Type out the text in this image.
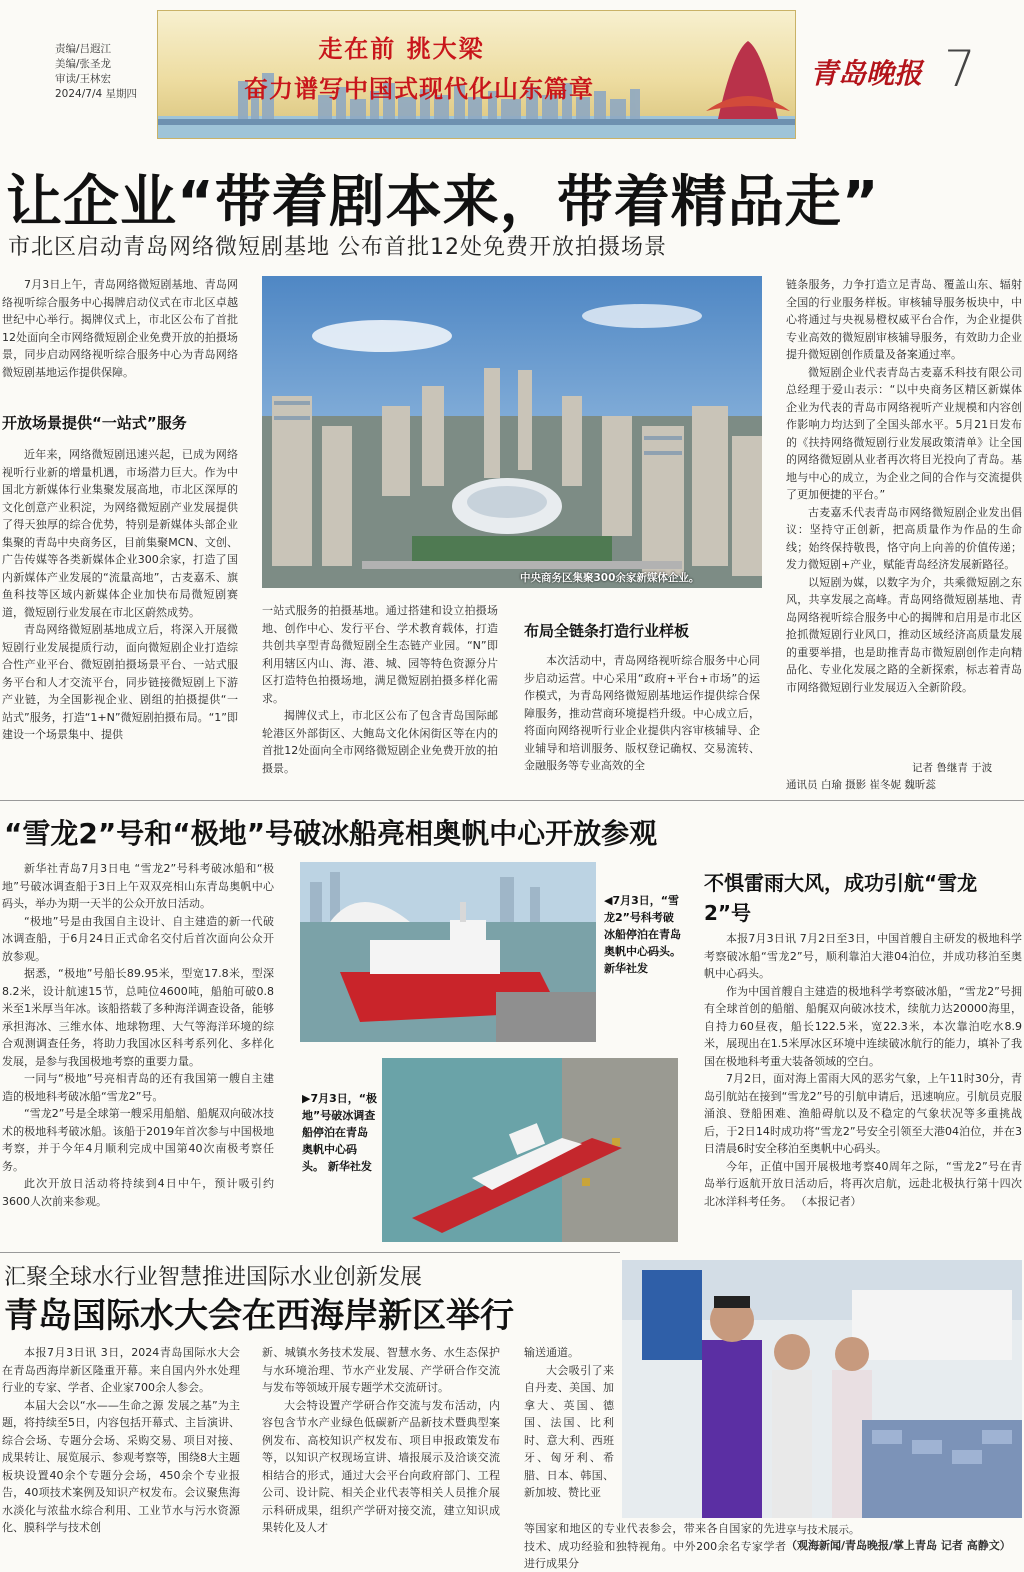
责编/吕遐江
美编/张圣龙
审读/王林宏
2024/7/4 星期四
走在前 挑大梁
奋力谱写中国式现代化山东篇章	青岛晚报 7
让企业“带着剧本来，带着精品走”
市北区启动青岛网络微短剧基地 公布首批12处免费开放拍摄场景

7月3日上午，青岛网络微短剧基地、青岛网络视听综合服务中心揭牌启动仪式在市北区卓越世纪中心举行。揭牌仪式上，市北区公布了首批12处面向全市网络微短剧企业免费开放的拍摄场景，同步启动网络视听综合服务中心为青岛网络微短剧基地运作提供保障。

开放场景提供“一站式”服务

近年来，网络微短剧迅速兴起，已成为网络视听行业新的增量机遇，市场潜力巨大。作为中国北方新媒体行业集聚发展高地，市北区深厚的文化创意产业积淀，为网络微短剧产业发展提供了得天独厚的综合优势，特别是新媒体头部企业集聚的青岛中央商务区，目前集聚MCN、文创、广告传媒等各类新媒体企业300余家，打造了国内新媒体产业发展的“流量高地”，古麦嘉禾、旗鱼科技等区域内新媒体企业加快布局微短剧赛道，微短剧行业发展在市北区蔚然成势。

青岛网络微短剧基地成立后，将深入开展微短剧行业发展提质行动，面向微短剧企业打造综合性产业平台、微短剧拍摄场景平台、一站式服务平台和人才交流平台，同步链接微短剧上下游产业链，为全国影视企业、剧组的拍摄提供“一站式”服务，打造“1+N”微短剧拍摄布局。“1”即建设一个场景集中、提供

中央商务区集聚300余家新媒体企业。

一站式服务的拍摄基地。通过搭建和设立拍摄场地、创作中心、发行平台、学术教育载体，打造共创共享型青岛微短剧全生态链产业园。“N”即利用辖区内山、海、港、城、园等特色资源分片区打造特色拍摄场地，满足微短剧拍摄多样化需求。

揭牌仪式上，市北区公布了包含青岛国际邮轮港区外部街区、大鲍岛文化休闲街区等在内的首批12处面向全市网络微短剧企业免费开放的拍摄景。

布局全链条打造行业样板

本次活动中，青岛网络视听综合服务中心同步启动运营。中心采用“政府+平台+市场”的运作模式，为青岛网络微短剧基地运作提供综合保障服务，推动营商环境提档升级。中心成立后，将面向网络视听行业企业提供内容审核辅导、企业辅导和培训服务、版权登记确权、交易流转、金融服务等专业高效的全

链条服务，力争打造立足青岛、覆盖山东、辐射全国的行业服务样板。审核辅导服务板块中，中心将通过与央视易橙权威平台合作，为企业提供专业高效的微短剧审核辅导服务，有效助力企业提升微短剧创作质量及备案通过率。

微短剧企业代表青岛古麦嘉禾科技有限公司总经理于爱山表示：“以中央商务区精区新媒体企业为代表的青岛市网络视听产业规模和内容创作影响力均达到了全国头部水平。5月21日发布的《扶持网络微短剧行业发展政策清单》让全国的网络微短剧从业者再次将目光投向了青岛。基地与中心的成立，为企业之间的合作与交流提供了更加便捷的平台。”

古麦嘉禾代表青岛市网络微短剧企业发出倡议：坚持守正创新，把高质量作为作品的生命线；始终保持敬畏，恪守向上向善的价值传递；发力微短剧+产业，赋能青岛经济发展新路径。

以短剧为媒，以数字为介，共乘微短剧之东风，共享发展之高峰。青岛网络微短剧基地、青岛网络视听综合服务中心的揭牌和启用是市北区抢抓微短剧行业风口，推动区域经济高质量发展的重要举措，也是助推青岛市微短剧创作走向精品化、专业化发展之路的全新探索，标志着青岛市网络微短剧行业发展迈入全新阶段。

记者 鲁继青 于波
通讯员 白瑜 摄影 崔冬妮 魏昕蕊
“雪龙2”号和“极地”号破冰船亮相奥帆中心开放参观

新华社青岛7月3日电 “雪龙2”号科考破冰船和“极地”号破冰调查船于3日上午双双亮相山东青岛奥帆中心码头，举办为期一天半的公众开放日活动。

“极地”号是由我国自主设计、自主建造的新一代破冰调查船，于6月24日正式命名交付后首次面向公众开放参观。

据悉，“极地”号船长89.95米，型宽17.8米，型深8.2米，设计航速15节，总吨位4600吨，船舶可破0.8米至1米厚当年冰。该船搭载了多种海洋调查设备，能够承担海冰、三维水体、地球物理、大气等海洋环境的综合观测调查任务，将助力我国冰区科考系列化、多样化发展，是参与我国极地考察的重要力量。

一同与“极地”号亮相青岛的还有我国第一艘自主建造的极地科考破冰船“雪龙2”号。

“雪龙2”号是全球第一艘采用船艏、船艉双向破冰技术的极地科考破冰船。该船于2019年首次参与中国极地考察，并于今年4月顺利完成中国第40次南极考察任务。

此次开放日活动将持续到4日中午，预计吸引约3600人次前来参观。

◀7月3日，“雪龙2”号科考破冰船停泊在青岛奥帆中心码头。 新华社发
▶7月3日，“极地”号破冰调查船停泊在青岛奥帆中心码头。 新华社发
不惧雷雨大风，成功引航“雪龙2”号

本报7月3日讯 7月2日至3日，中国首艘自主研发的极地科学考察破冰船“雪龙2”号，顺利靠泊大港04泊位，并成功移泊至奥帆中心码头。

作为中国首艘自主建造的极地科学考察破冰船，“雪龙2”号拥有全球首创的船艏、船艉双向破冰技术，续航力达20000海里，自持力60昼夜，船长122.5米，宽22.3米，本次靠泊吃水8.9米，展现出在1.5米厚冰区环境中连续破冰航行的能力，填补了我国在极地科考重大装备领域的空白。

7月2日，面对海上雷雨大风的恶劣气象，上午11时30分，青岛引航站在接到“雪龙2”号的引航申请后，迅速响应。引航员克服涌浪、登船困难、渔船碍航以及不稳定的气象状况等多重挑战后，于2日14时成功将“雪龙2”号安全引领至大港04泊位，并在3日清晨6时安全移泊至奥帆中心码头。

今年，正值中国开展极地考察40周年之际，“雪龙2”号在青岛举行返航开放日活动后，将再次启航，远赴北极执行第十四次北冰洋科考任务。 （本报记者）

汇聚全球水行业智慧推进国际水业创新发展
青岛国际水大会在西海岸新区举行

本报7月3日讯 3日，2024青岛国际水大会在青岛西海岸新区隆重开幕。来自国内外水处理行业的专家、学者、企业家700余人参会。

本届大会以“水——生命之源 发展之基”为主题，将持续至5日，内容包括开幕式、主旨演讲、综合会场、专题分会场、采购交易、项目对接、成果转让、展览展示、参观考察等，围绕8大主题板块设置40余个专题分会场，450余个专业报告，40项技术案例及知识产权发布。会议聚焦海水淡化与浓盐水综合利用、工业节水与污水资源化、膜科学与技术创

新、城镇水务技术发展、智慧水务、水生态保护与水环境治理、节水产业发展、产学研合作交流与发布等领域开展专题学术交流研讨。

大会特设置产学研合作交流与发布活动，内容包含节水产业绿色低碳新产品新技术暨典型案例发布、高校知识产权发布、项目申报政策发布等，以知识产权现场宣讲、墙报展示及洽谈交流相结合的形式，通过大会平台向政府部门、工程公司、设计院、相关企业代表等相关人员推介展示科研成果，组织产学研对接交流，建立知识成果转化及人才

输送通道。

大会吸引了来自丹麦、美国、加拿大、英国、德国、法国、比利时、意大利、西班牙、匈牙利、希腊、日本、韩国、新加坡、赞比亚

等国家和地区的专业代表参会，带来各自国家的先进技术、成功经验和独特视角。中外200余名专家学者进行成果分

享与技术展示。

（观海新闻/青岛晚报/掌上青岛 记者 高静文）
